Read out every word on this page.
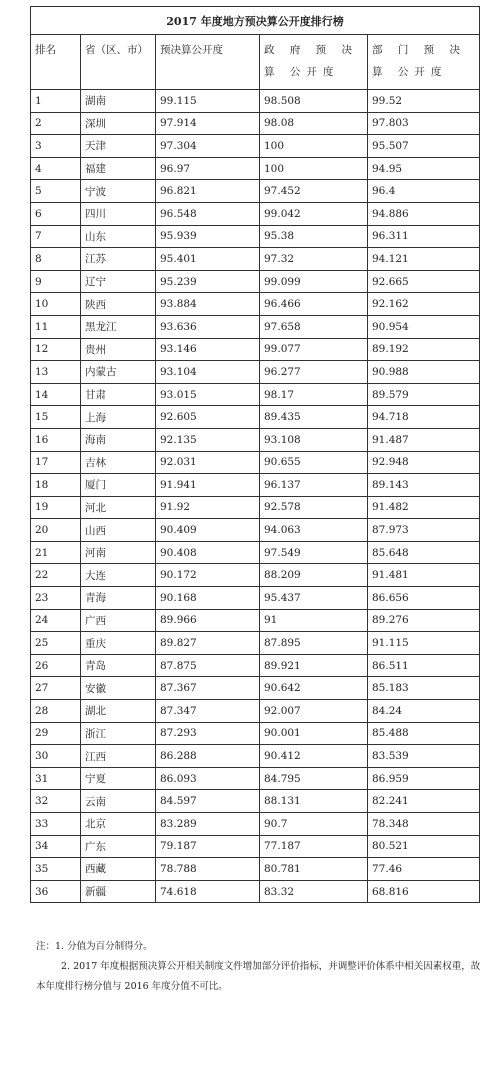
2017 年度地方预决算公开度排行榜				
排名	省（区、市）	预决算公开度	政 府 预 决 算 公开度	部 门 预 决 算 公开度
1	湖南	99.115	98.508	99.52
2	深圳	97.914	98.08	97.803
3	天津	97.304	100	95.507
4	福建	96.97	100	94.95
5	宁波	96.821	97.452	96.4
6	四川	96.548	99.042	94.886
7	山东	95.939	95.38	96.311
8	江苏	95.401	97.32	94.121
9	辽宁	95.239	99.099	92.665
10	陕西	93.884	96.466	92.162
11	黑龙江	93.636	97.658	90.954
12	贵州	93.146	99.077	89.192
13	内蒙古	93.104	96.277	90.988
14	甘肃	93.015	98.17	89.579
15	上海	92.605	89.435	94.718
16	海南	92.135	93.108	91.487
17	吉林	92.031	90.655	92.948
18	厦门	91.941	96.137	89.143
19	河北	91.92	92.578	91.482
20	山西	90.409	94.063	87.973
21	河南	90.408	97.549	85.648
22	大连	90.172	88.209	91.481
23	青海	90.168	95.437	86.656
24	广西	89.966	91	89.276
25	重庆	89.827	87.895	91.115
26	青岛	87.875	89.921	86.511
27	安徽	87.367	90.642	85.183
28	湖北	87.347	92.007	84.24
29	浙江	87.293	90.001	85.488
30	江西	86.288	90.412	83.539
31	宁夏	86.093	84.795	86.959
32	云南	84.597	88.131	82.241
33	北京	83.289	90.7	78.348
34	广东	79.187	77.187	80.521
35	西藏	78.788	80.781	77.46
36	新疆	74.618	83.32	68.816

注：1. 分值为百分制得分。

2. 2017 年度根据预决算公开相关制度文件增加部分评价指标，并调整评价体系中相关因素权重，故本年度排行榜分值与 2016 年度分值不可比。
